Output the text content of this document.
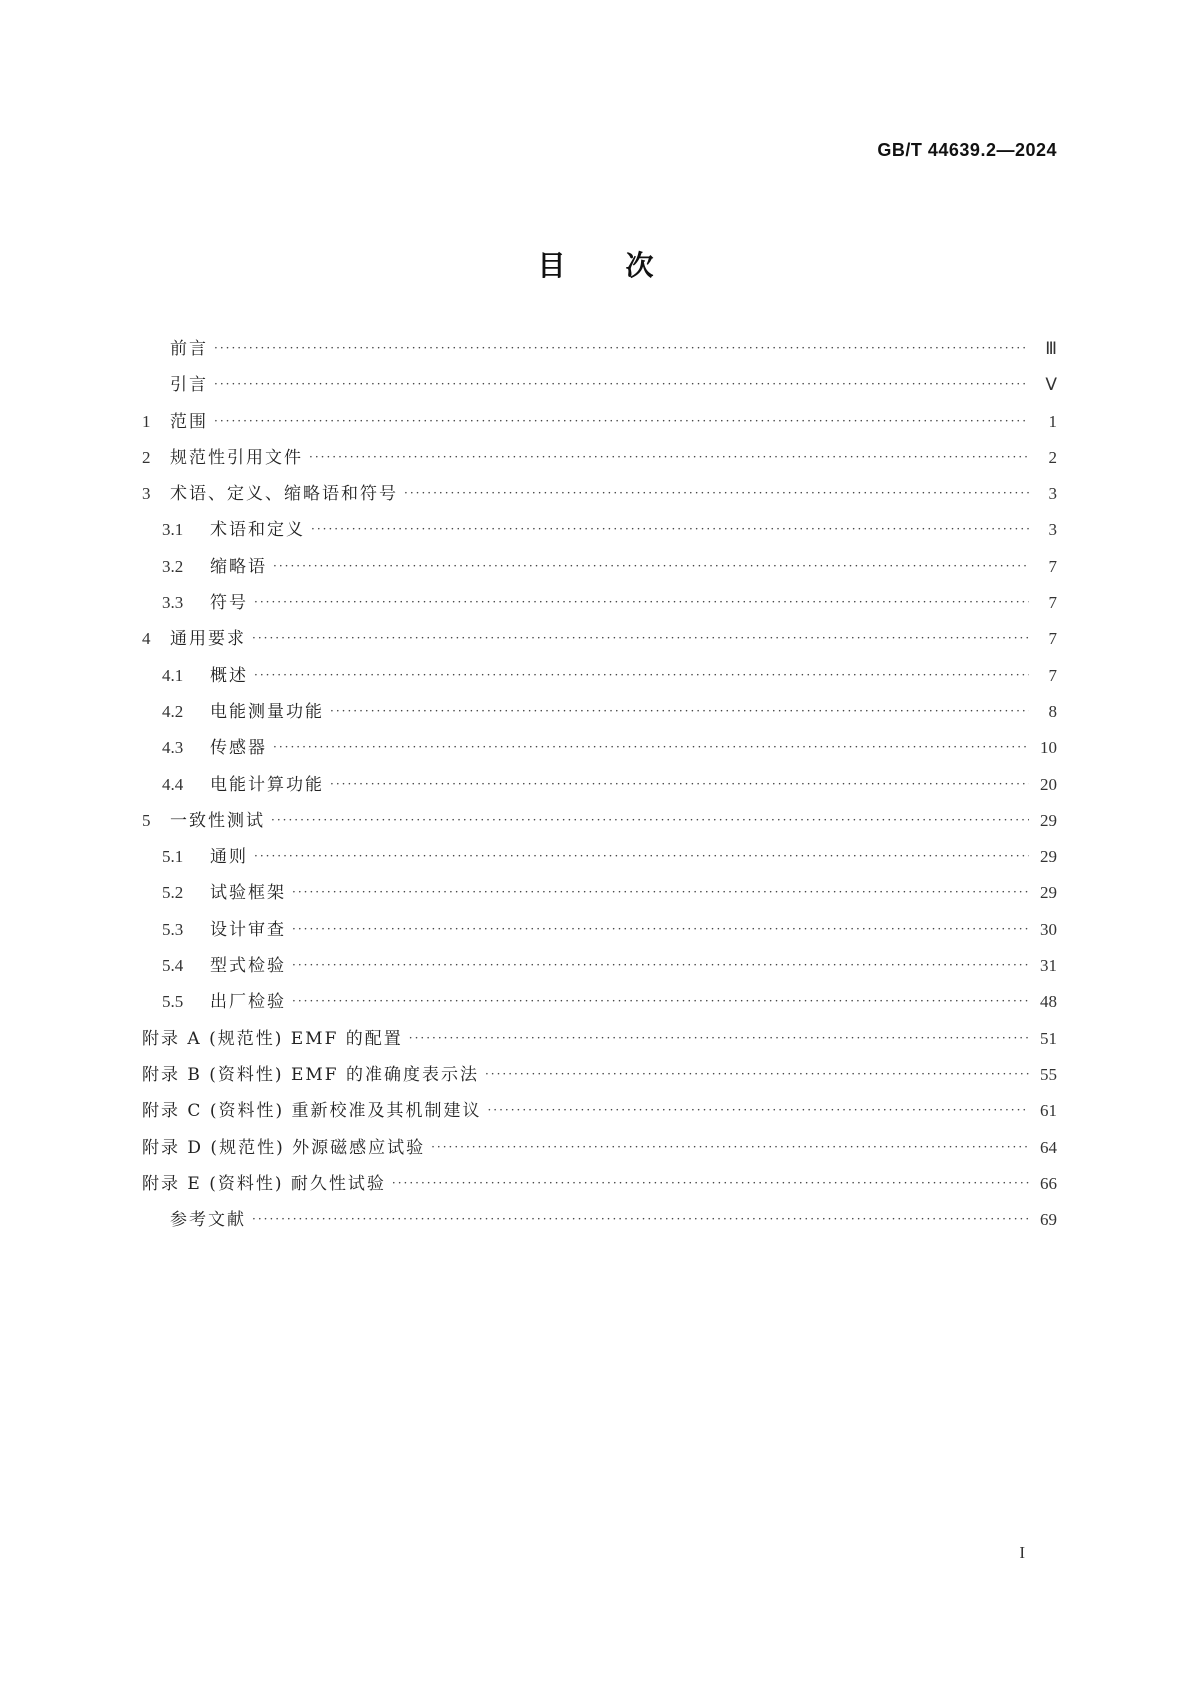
GB/T 44639.2—2024
目 次
前言 ·····	Ⅲ
引言 ·····	Ⅴ
1	范围 ·····	1
2	规范性引用文件 ·····	2
3	术语、定义、缩略语和符号 ·····	3
3.1	术语和定义 ·····	3
3.2	缩略语 ·····	7
3.3	符号 ·····	7
4	通用要求 ·····	7
4.1	概述 ·····	7
4.2	电能测量功能 ·····	8
4.3	传感器 ·····	10
4.4	电能计算功能 ·····	20
5	一致性测试 ·····	29
5.1	通则 ·····	29
5.2	试验框架 ·····	29
5.3	设计审查 ·····	30
5.4	型式检验 ·····	31
5.5	出厂检验 ·····	48
附录 A (规范性) EMF 的配置 ·····	51
附录 B (资料性) EMF 的准确度表示法 ·····	55
附录 C (资料性) 重新校准及其机制建议 ·····	61
附录 D (规范性) 外源磁感应试验 ·····	64
附录 E (资料性) 耐久性试验 ·····	66
参考文献 ·····	69
I
